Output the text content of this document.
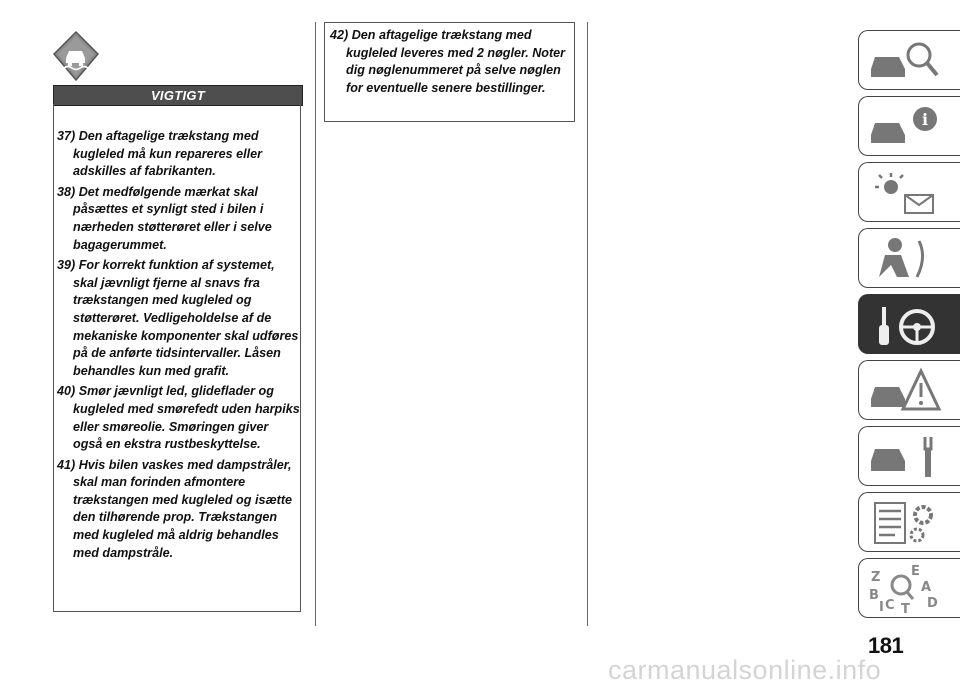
VIGTIGT

37) Den aftagelige trækstang med kugleled må kun repareres eller adskilles af fabrikanten.

38) Det medfølgende mærkat skal påsættes et synligt sted i bilen i nærheden støtterøret eller i selve bagagerummet.

39) For korrekt funktion af systemet, skal jævnligt fjerne al snavs fra trækstangen med kugleled og støtterøret. Vedligeholdelse af de mekaniske komponenter skal udføres på de anførte tidsintervaller. Låsen behandles kun med grafit.

40) Smør jævnligt led, glideflader og kugleled med smørefedt uden harpiks eller smøreolie. Smøringen giver også en ekstra rustbeskyttelse.

41) Hvis bilen vaskes med dampstråler, skal man forinden afmontere trækstangen med kugleled og isætte den tilhørende prop. Trækstangen med kugleled må aldrig behandles med dampstråle.

42) Den aftagelige trækstang med kugleled leveres med 2 nøgler. Noter dig nøglenummeret på selve nøglen for eventuelle senere bestillinger.

i
Z E
A
B
C T D
I
181
carmanualsonline.info
